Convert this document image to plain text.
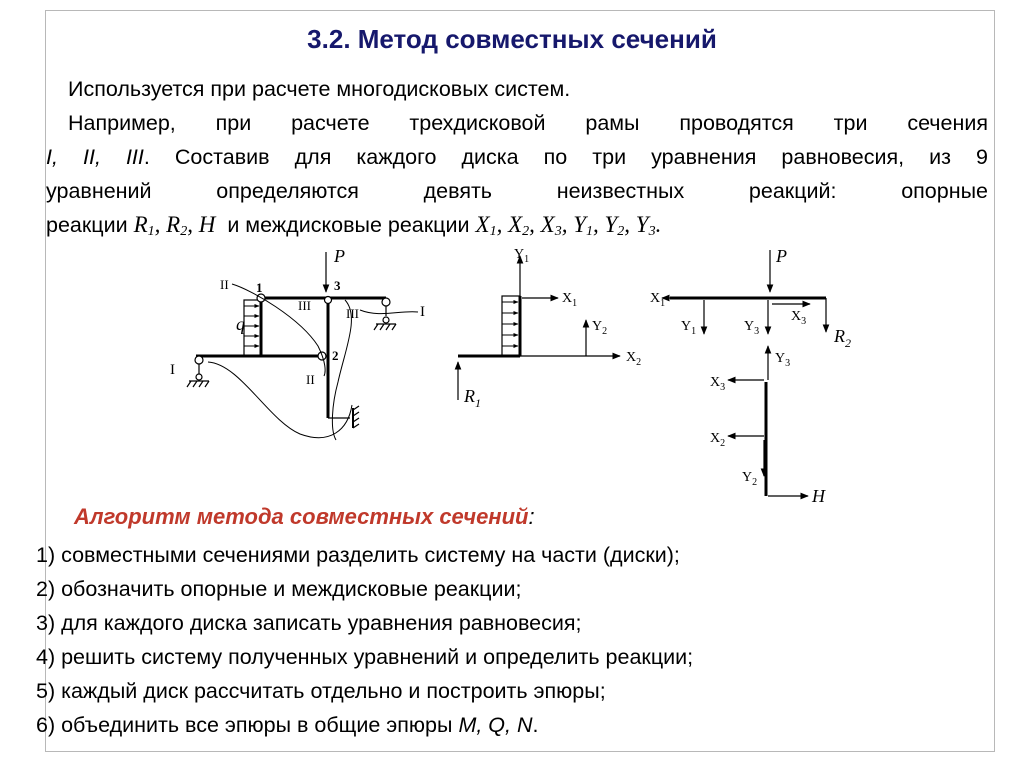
3.2. Метод совместных сечений

Используется при расчете многодисковых систем.

Например, при расчете трехдисковой рамы проводятся три сечения

I, II, III. Составив для каждого диска по три уравнения равновесия, из 9

уравнений определяются девять неизвестных реакций: опорные

реакции $R_1$, $R_2$, H и междисковые реакции $X_1$, $X_2$, $X_3$, $Y_1$, $Y_2$, $Y_3$.

P
q
1
2
3
II
II
III
III
I
I
$Y_1$
$X_1$
$Y_2$
$X_2$
$R_1$
P
$X_1$
$Y_1$	$Y_3$
$X_3$
$R_2$
$Y_3$
$X_3$
$X_2$
$Y_2$
H
Алгоритм метода совместных сечений:
1) совместными сечениями разделить систему на части (диски);
2) обозначить опорные и междисковые реакции;
3) для каждого диска записать уравнения равновесия;
4) решить систему полученных уравнений и определить реакции;
5) каждый диск рассчитать отдельно и построить эпюры;
6) объединить все эпюры в общие эпюры M, Q, N.
